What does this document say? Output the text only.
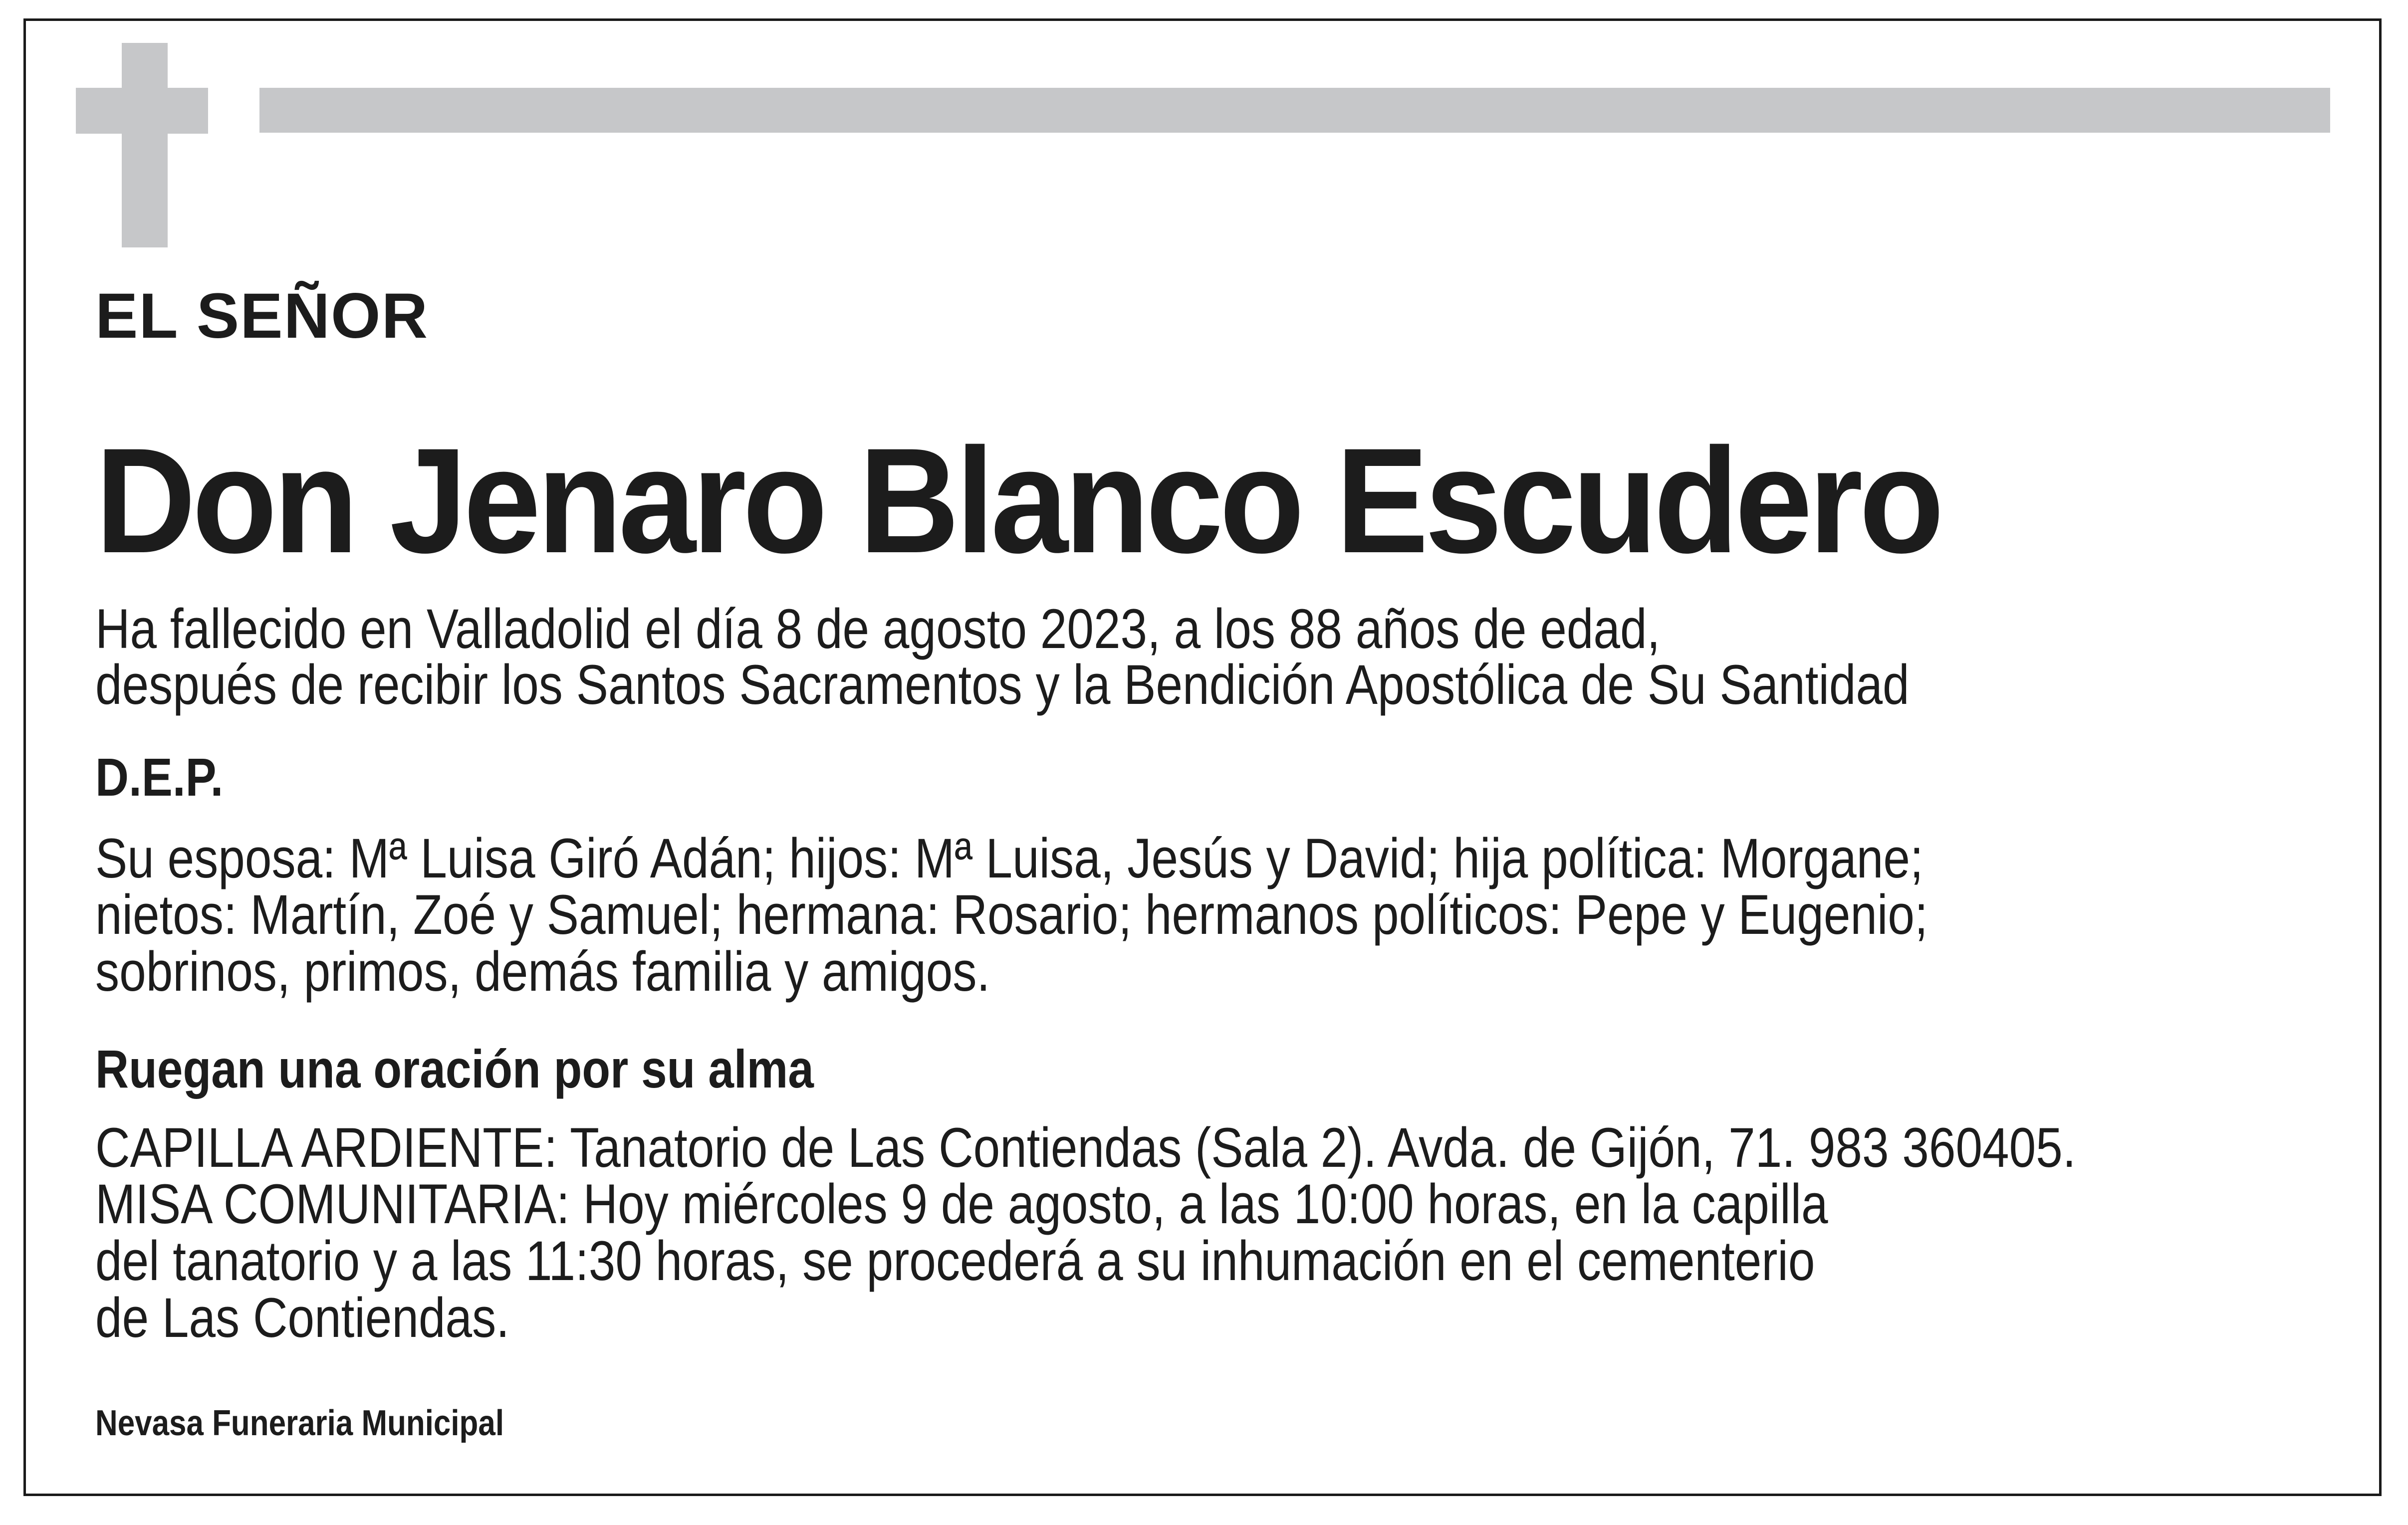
EL SEÑOR
Don Jenaro Blanco Escudero
Ha fallecido en Valladolid el día 8 de agosto 2023, a los 88 años de edad,
después de recibir los Santos Sacramentos y la Bendición Apostólica de Su Santidad
D.E.P.
Su esposa: Mª Luisa Giró Adán; hijos: Mª Luisa, Jesús y David; hija política: Morgane;
nietos: Martín, Zoé y Samuel; hermana: Rosario; hermanos políticos: Pepe y Eugenio;
sobrinos, primos, demás familia y amigos.
Ruegan una oración por su alma
CAPILLA ARDIENTE: Tanatorio de Las Contiendas (Sala 2). Avda. de Gijón, 71. 983 360405.
MISA COMUNITARIA: Hoy miércoles 9 de agosto, a las 10:00 horas, en la capilla
del tanatorio y a las 11:30 horas, se procederá a su inhumación en el cementerio
de Las Contiendas.
Nevasa Funeraria Municipal
